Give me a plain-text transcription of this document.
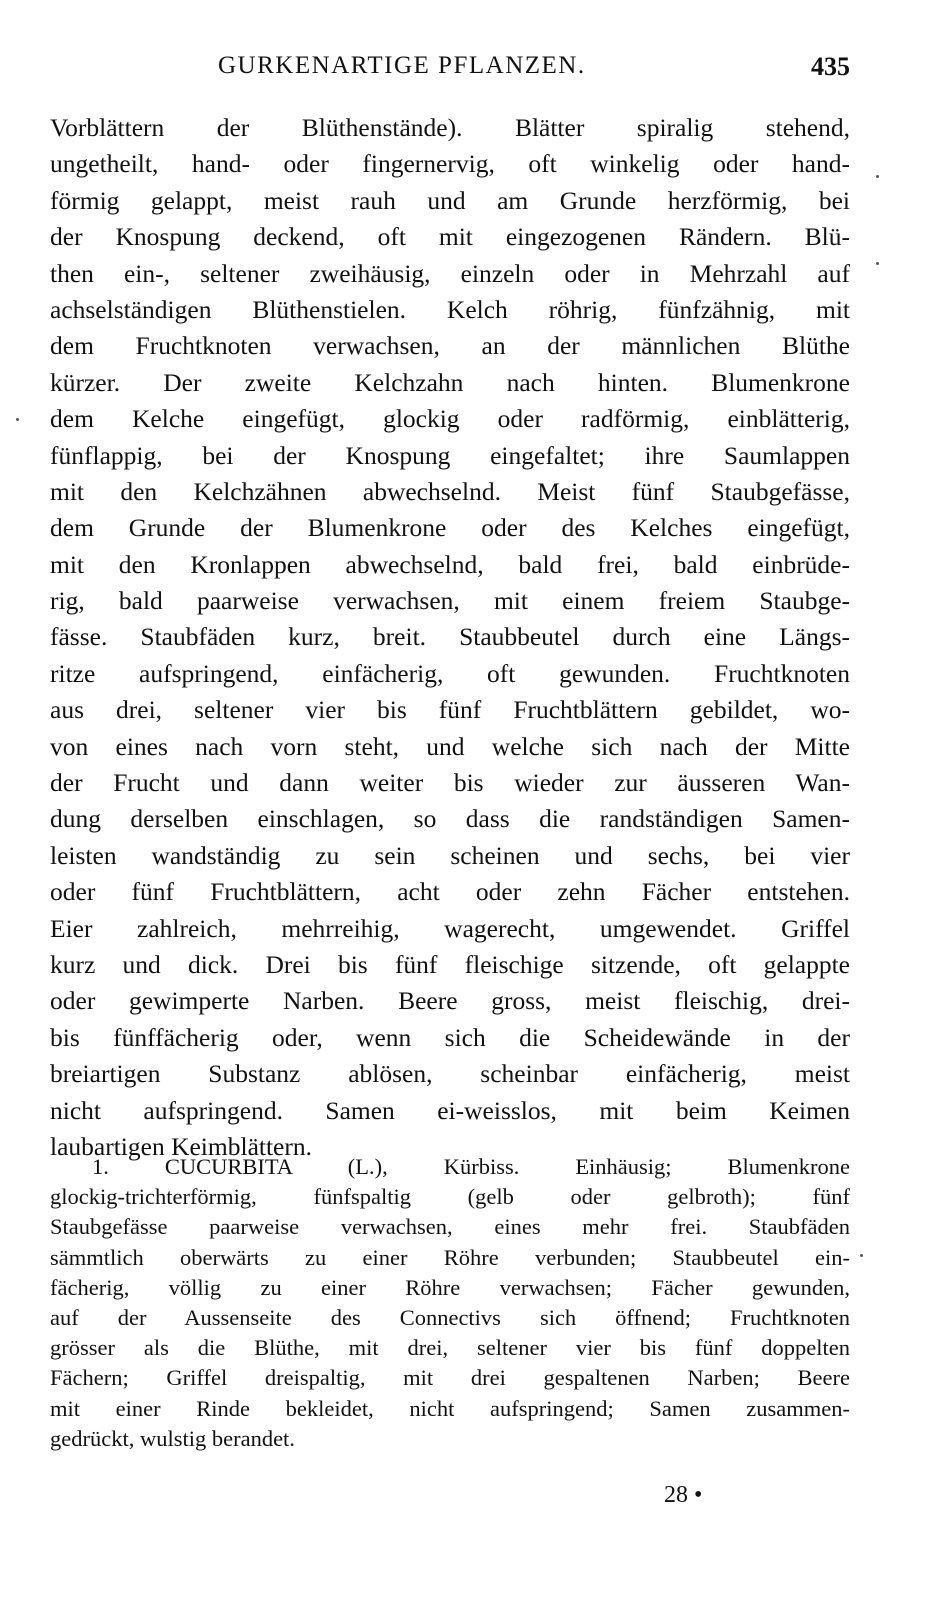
GURKENARTIGE PFLANZEN.	435
Vorblättern der Blüthenstände). Blätter spiralig stehend,
ungetheilt, hand- oder fingernervig, oft winkelig oder hand-
förmig gelappt, meist rauh und am Grunde herzförmig, bei
der Knospung deckend, oft mit eingezogenen Rändern. Blü-
then ein-, seltener zweihäusig, einzeln oder in Mehrzahl auf
achselständigen Blüthenstielen. Kelch röhrig, fünfzähnig, mit
dem Fruchtknoten verwachsen, an der männlichen Blüthe
kürzer. Der zweite Kelchzahn nach hinten. Blumenkrone
dem Kelche eingefügt, glockig oder radförmig, einblätterig,
fünflappig, bei der Knospung eingefaltet; ihre Saumlappen
mit den Kelchzähnen abwechselnd. Meist fünf Staubgefässe,
dem Grunde der Blumenkrone oder des Kelches eingefügt,
mit den Kronlappen abwechselnd, bald frei, bald einbrüde-
rig, bald paarweise verwachsen, mit einem freiem Staubge-
fässe. Staubfäden kurz, breit. Staubbeutel durch eine Längs-
ritze aufspringend, einfächerig, oft gewunden. Fruchtknoten
aus drei, seltener vier bis fünf Fruchtblättern gebildet, wo-
von eines nach vorn steht, und welche sich nach der Mitte
der Frucht und dann weiter bis wieder zur äusseren Wan-
dung derselben einschlagen, so dass die randständigen Samen-
leisten wandständig zu sein scheinen und sechs, bei vier
oder fünf Fruchtblättern, acht oder zehn Fächer entstehen.
Eier zahlreich, mehrreihig, wagerecht, umgewendet. Griffel
kurz und dick. Drei bis fünf fleischige sitzende, oft gelappte
oder gewimperte Narben. Beere gross, meist fleischig, drei-
bis fünffächerig oder, wenn sich die Scheidewände in der
breiartigen Substanz ablösen, scheinbar einfächerig, meist
nicht aufspringend. Samen ei-weisslos, mit beim Keimen
laubartigen Keimblättern.
1. CUCURBITA (L.), Kürbiss. Einhäusig; Blumenkrone
glockig-trichterförmig, fünfspaltig (gelb oder gelbroth); fünf
Staubgefässe paarweise verwachsen, eines mehr frei. Staubfäden
sämmtlich oberwärts zu einer Röhre verbunden; Staubbeutel ein-
fächerig, völlig zu einer Röhre verwachsen; Fächer gewunden,
auf der Aussenseite des Connectivs sich öffnend; Fruchtknoten
grösser als die Blüthe, mit drei, seltener vier bis fünf doppelten
Fächern; Griffel dreispaltig, mit drei gespaltenen Narben; Beere
mit einer Rinde bekleidet, nicht aufspringend; Samen zusammen-
gedrückt, wulstig berandet.
28 •
